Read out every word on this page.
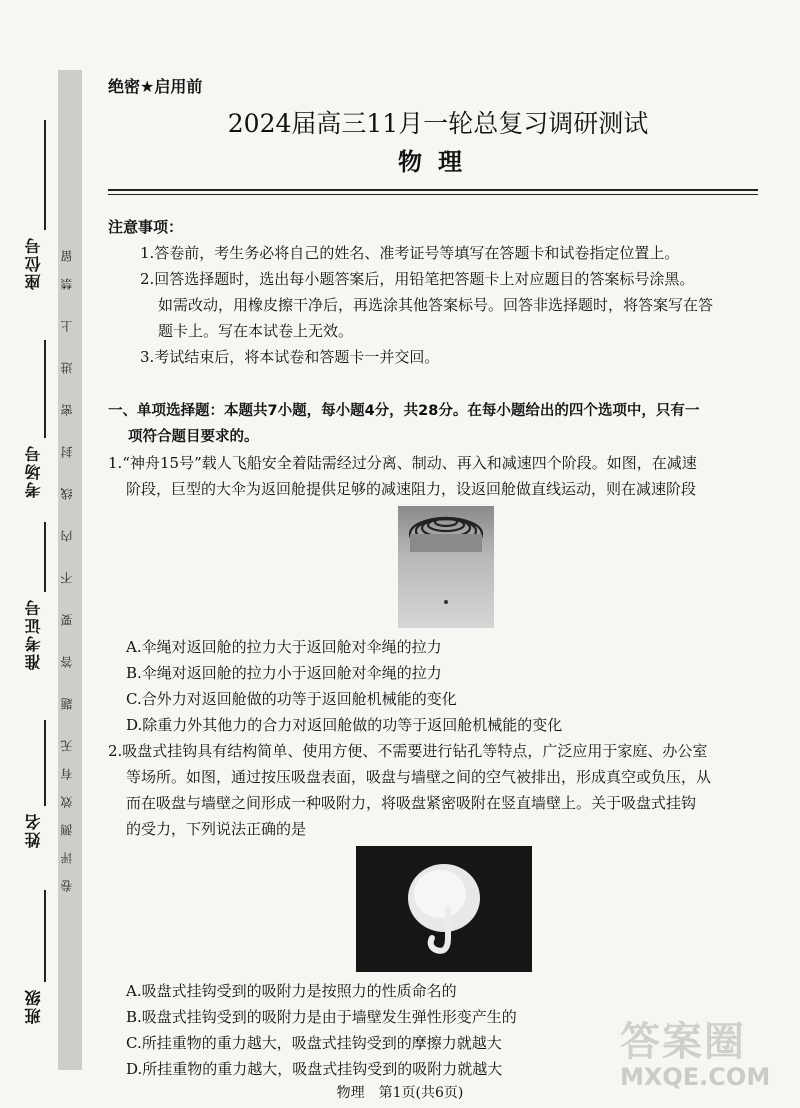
座位号
考场号
准考证号
姓名
班级
卷　评　测　效　有　无　　题　　答　　要　　不　　内　　线　　封　　密　　进　　上　　禁　留
绝密★启用前
2024届高三11月一轮总复习调研测试
物理
注意事项：
1.答卷前，考生务必将自己的姓名、准考证号等填写在答题卡和试卷指定位置上。
2.回答选择题时，选出每小题答案后，用铅笔把答题卡上对应题目的答案标号涂黑。
如需改动，用橡皮擦干净后，再选涂其他答案标号。回答非选择题时，将答案写在答
题卡上。写在本试卷上无效。
3.考试结束后，将本试卷和答题卡一并交回。
一、单项选择题：本题共7小题，每小题4分，共28分。在每小题给出的四个选项中，只有一
项符合题目要求的。
1.“神舟15号”载人飞船安全着陆需经过分离、制动、再入和减速四个阶段。如图，在减速
阶段，巨型的大伞为返回舱提供足够的减速阻力，设返回舱做直线运动，则在减速阶段
A.伞绳对返回舱的拉力大于返回舱对伞绳的拉力
B.伞绳对返回舱的拉力小于返回舱对伞绳的拉力
C.合外力对返回舱做的功等于返回舱机械能的变化
D.除重力外其他力的合力对返回舱做的功等于返回舱机械能的变化
2.吸盘式挂钩具有结构简单、使用方便、不需要进行钻孔等特点，广泛应用于家庭、办公室
等场所。如图，通过按压吸盘表面，吸盘与墙壁之间的空气被排出，形成真空或负压，从
而在吸盘与墙壁之间形成一种吸附力，将吸盘紧密吸附在竖直墙壁上。关于吸盘式挂钩
的受力，下列说法正确的是
A.吸盘式挂钩受到的吸附力是按照力的性质命名的
B.吸盘式挂钩受到的吸附力是由于墙壁发生弹性形变产生的
C.所挂重物的重力越大，吸盘式挂钩受到的摩擦力就越大
D.所挂重物的重力越大，吸盘式挂钩受到的吸附力就越大
答案圈
MXQE.COM
物理　第1页(共6页)
